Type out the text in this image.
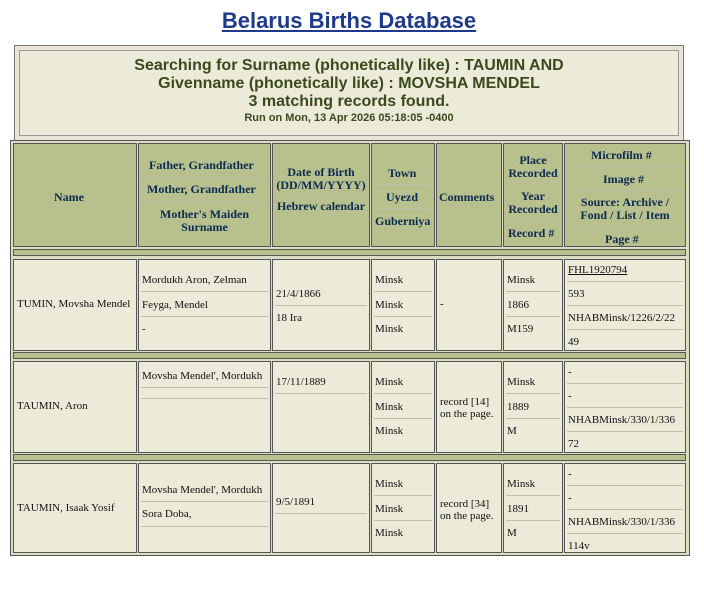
Belarus Births Database
Searching for Surname (phonetically like) : TAUMIN AND
Givenname (phonetically like) : MOVSHA MENDEL
3 matching records found.
Run on Mon, 13 Apr 2026 05:18:05 -0400
Name
Father, Grandfather
Mother, Grandfather
Mother's Maiden Surname
Date of Birth (DD/MM/YYYY)
Hebrew calendar
Town
Uyezd
Guberniya
Comments
Place Recorded
Year Recorded
Record #
Microfilm #
Image #
Source: Archive / Fond / List / Item
Page #
TUMIN, Movsha Mendel
Mordukh Aron, Zelman
Feyga, Mendel
-
21/4/1866
18 Ira
Minsk
Minsk
Minsk
-
Minsk
1866
M159
FHL1920794
593
NHABMinsk/1226/2/22
49
TAUMIN, Aron
Movsha Mendel', Mordukh 17/11/1889	Minsk
Minsk
Minsk
record [14] on the page.
Minsk
1889
M
-
-
NHABMinsk/330/1/336
72
TAUMIN, Isaak Yosif
Movsha Mendel', Mordukh
Sora Doba,
9/5/1891
Minsk
Minsk
Minsk
record [34] on the page.
Minsk
1891
M
-
-
NHABMinsk/330/1/336
114v
